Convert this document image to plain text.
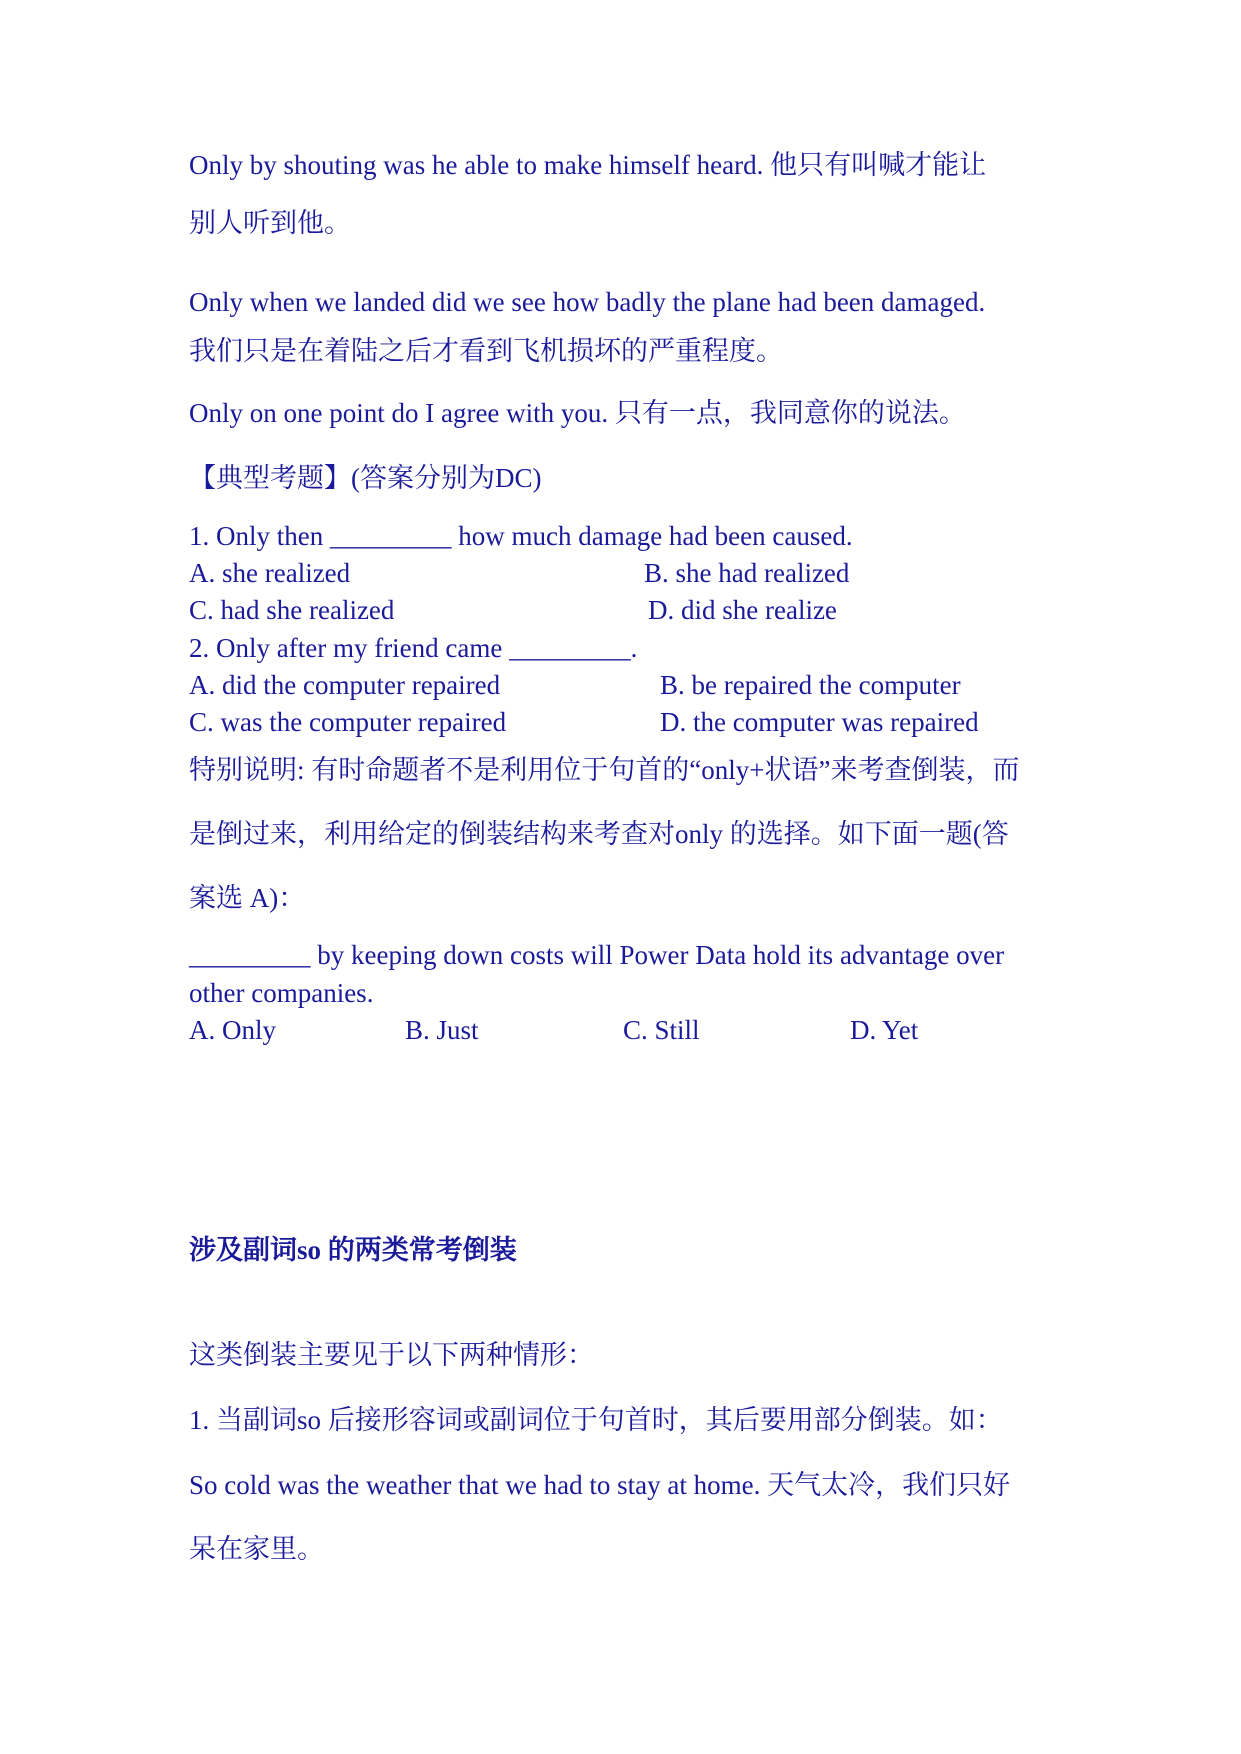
Only by shouting was he able to make himself heard. 他只有叫喊才能让
别人听到他。
Only when we landed did we see how badly the plane had been damaged.
我们只是在着陆之后才看到飞机损坏的严重程度。
Only on one point do I agree with you. 只有一点，我同意你的说法。
【典型考题】(答案分别为DC)
1. Only then _________ how much damage had been caused.
A. she realized	B. she had realized
C. had she realized	D. did she realize
2. Only after my friend came _________.
A. did the computer repaired	B. be repaired the computer
C. was the computer repaired	D. the computer was repaired
特别说明: 有时命题者不是利用位于句首的“only+状语”来考查倒装，而
是倒过来，利用给定的倒装结构来考查对only 的选择。如下面一题(答
案选 A)：
_________ by keeping down costs will Power Data hold its advantage over
other companies.
A. Only	B. Just	C. Still	D. Yet
涉及副词so 的两类常考倒装
这类倒装主要见于以下两种情形：
1. 当副词so 后接形容词或副词位于句首时，其后要用部分倒装。如：
So cold was the weather that we had to stay at home. 天气太冷，我们只好
呆在家里。
